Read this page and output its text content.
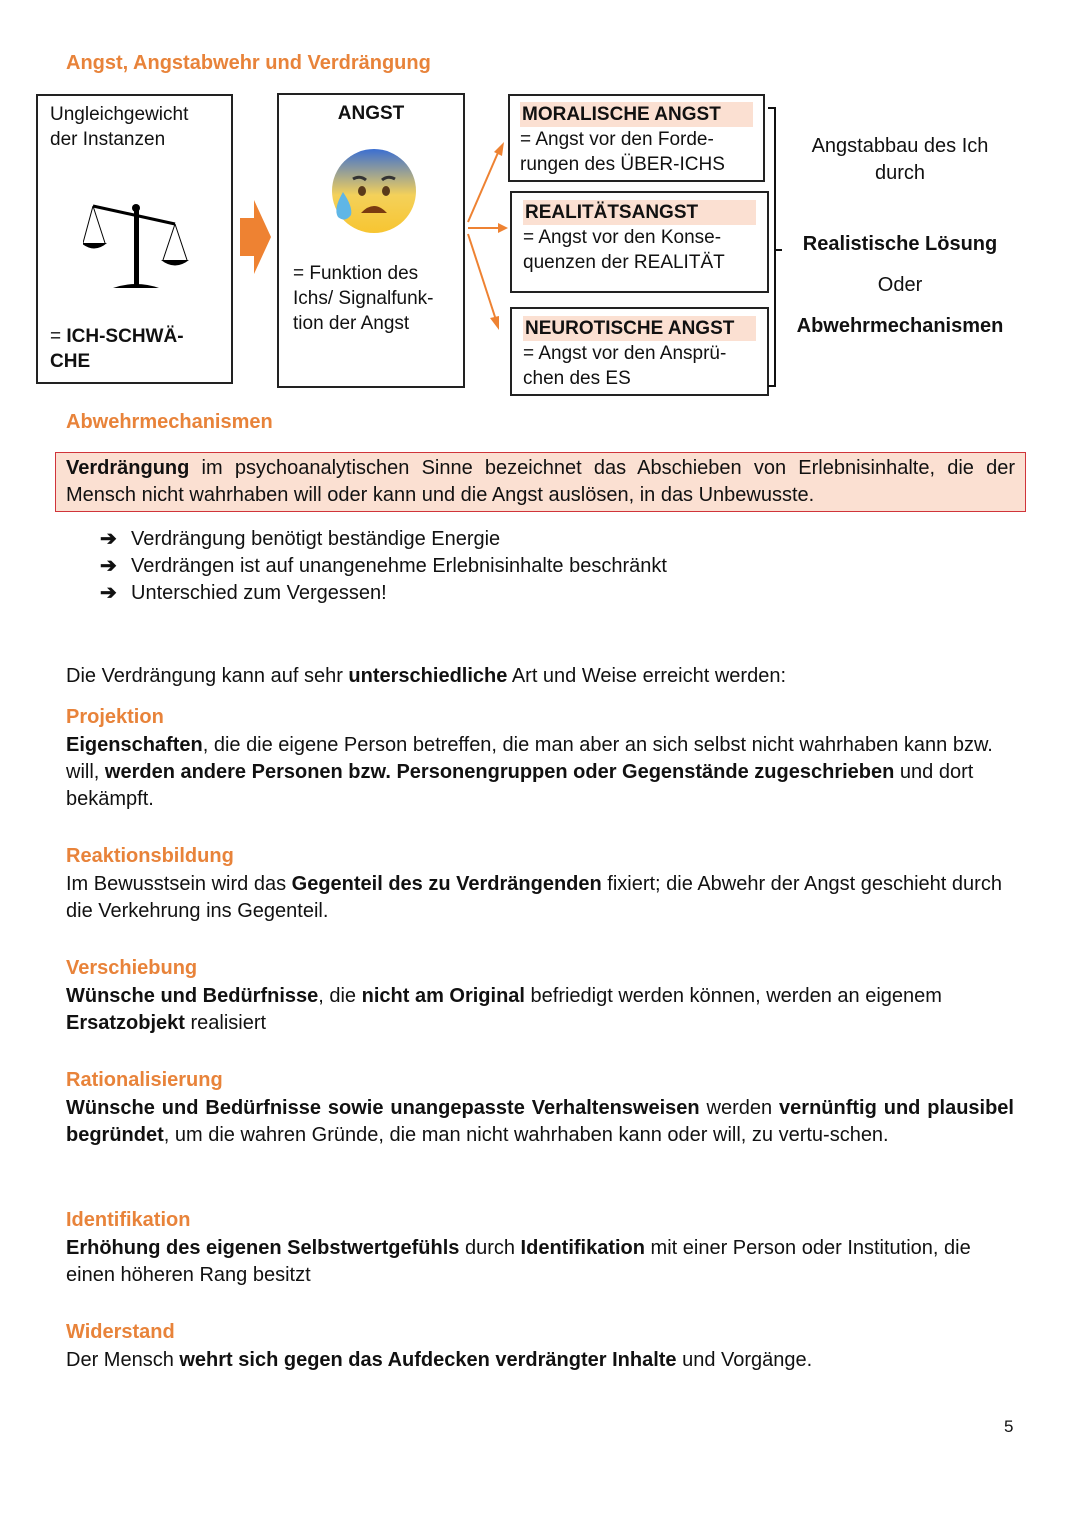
Angst, Angstabwehr und Verdrängung
Ungleichgewicht der Instanzen
= ICH-SCHWÄ-CHE
ANGST
= Funktion des Ichs/ Signalfunk-tion der Angst
MORALISCHE ANGST
= Angst vor den Forde-rungen des ÜBER-ICHS
REALITÄTSANGST
= Angst vor den Konse-quenzen der REALITÄT
NEUROTISCHE ANGST
= Angst vor den Ansprü-chen des ES
Angstabbau des Ich durch
Realistische Lösung
Oder
Abwehrmechanismen
Abwehrmechanismen
Verdrängung im psychoanalytischen Sinne bezeichnet das Abschieben von Erlebnisinhalte, die der Mensch nicht wahrhaben will oder kann und die Angst auslösen, in das Unbewusste.
➔ Verdrängung benötigt beständige Energie
➔ Verdrängen ist auf unangenehme Erlebnisinhalte beschränkt
➔ Unterschied zum Vergessen!
Die Verdrängung kann auf sehr unterschiedliche Art und Weise erreicht werden:
Projektion
Eigenschaften, die die eigene Person betreffen, die man aber an sich selbst nicht wahrhaben kann bzw. will, werden andere Personen bzw. Personengruppen oder Gegenstände zugeschrieben und dort bekämpft.
Reaktionsbildung
Im Bewusstsein wird das Gegenteil des zu Verdrängenden fixiert; die Abwehr der Angst geschieht durch die Verkehrung ins Gegenteil.
Verschiebung
Wünsche und Bedürfnisse, die nicht am Original befriedigt werden können, werden an eigenem Ersatzobjekt realisiert
Rationalisierung
Wünsche und Bedürfnisse sowie unangepasste Verhaltensweisen werden vernünftig und plausibel begründet, um die wahren Gründe, die man nicht wahrhaben kann oder will, zu vertu-schen.
Identifikation
Erhöhung des eigenen Selbstwertgefühls durch Identifikation mit einer Person oder Institution, die einen höheren Rang besitzt
Widerstand
Der Mensch wehrt sich gegen das Aufdecken verdrängter Inhalte und Vorgänge.
5
